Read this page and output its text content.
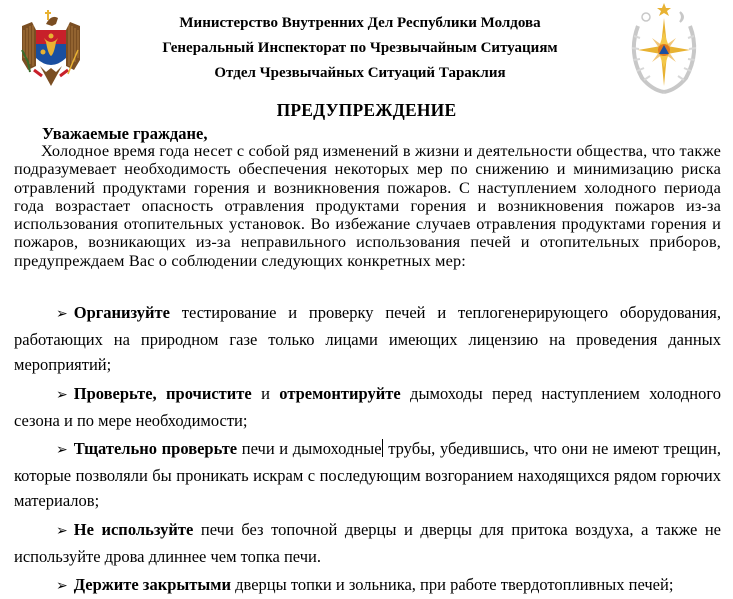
Министерство Внутренних Дел Республики Молдова
Генеральный Инспекторат по Чрезвычайным Ситуациям
Отдел Чрезвычайных Ситуаций Тараклия
ПРЕДУПРЕЖДЕНИЕ
Уважаемые граждане,

Холодное время года несет с собой ряд изменений в жизни и деятельности общества, что также подразумевает необходимость обеспечения некоторых мер по снижению и минимизацию риска отравлений продуктами горения и возникновения пожаров. С наступлением холодного периода года возрастает опасность отравления продуктами горения и возникновения пожаров из-за использования отопительных установок. Во избежание случаев отравления продуктами горения и пожаров, возникающих из-за неправильного использования печей и отопительных приборов, предупреждаем Вас о соблюдении следующих конкретных мер:

➢ Организуйте тестирование и проверку печей и теплогенерирующего оборудования, работающих на природном газе только лицами имеющих лицензию на проведения данных мероприятий;

➢ Проверьте, прочистите и отремонтируйте дымоходы перед наступлением холодного сезона и по мере необходимости;

➢ Тщательно проверьте печи и дымоходные трубы, убедившись, что они не имеют трещин, которые позволяли бы проникать искрам с последующим возгоранием находящихся рядом горючих материалов;

➢ Не используйте печи без топочной дверцы и дверцы для притока воздуха, а также не используйте дрова длиннее чем топка печи.

➢ Держите закрытыми дверцы топки и зольника, при работе твердотопливных печей;
